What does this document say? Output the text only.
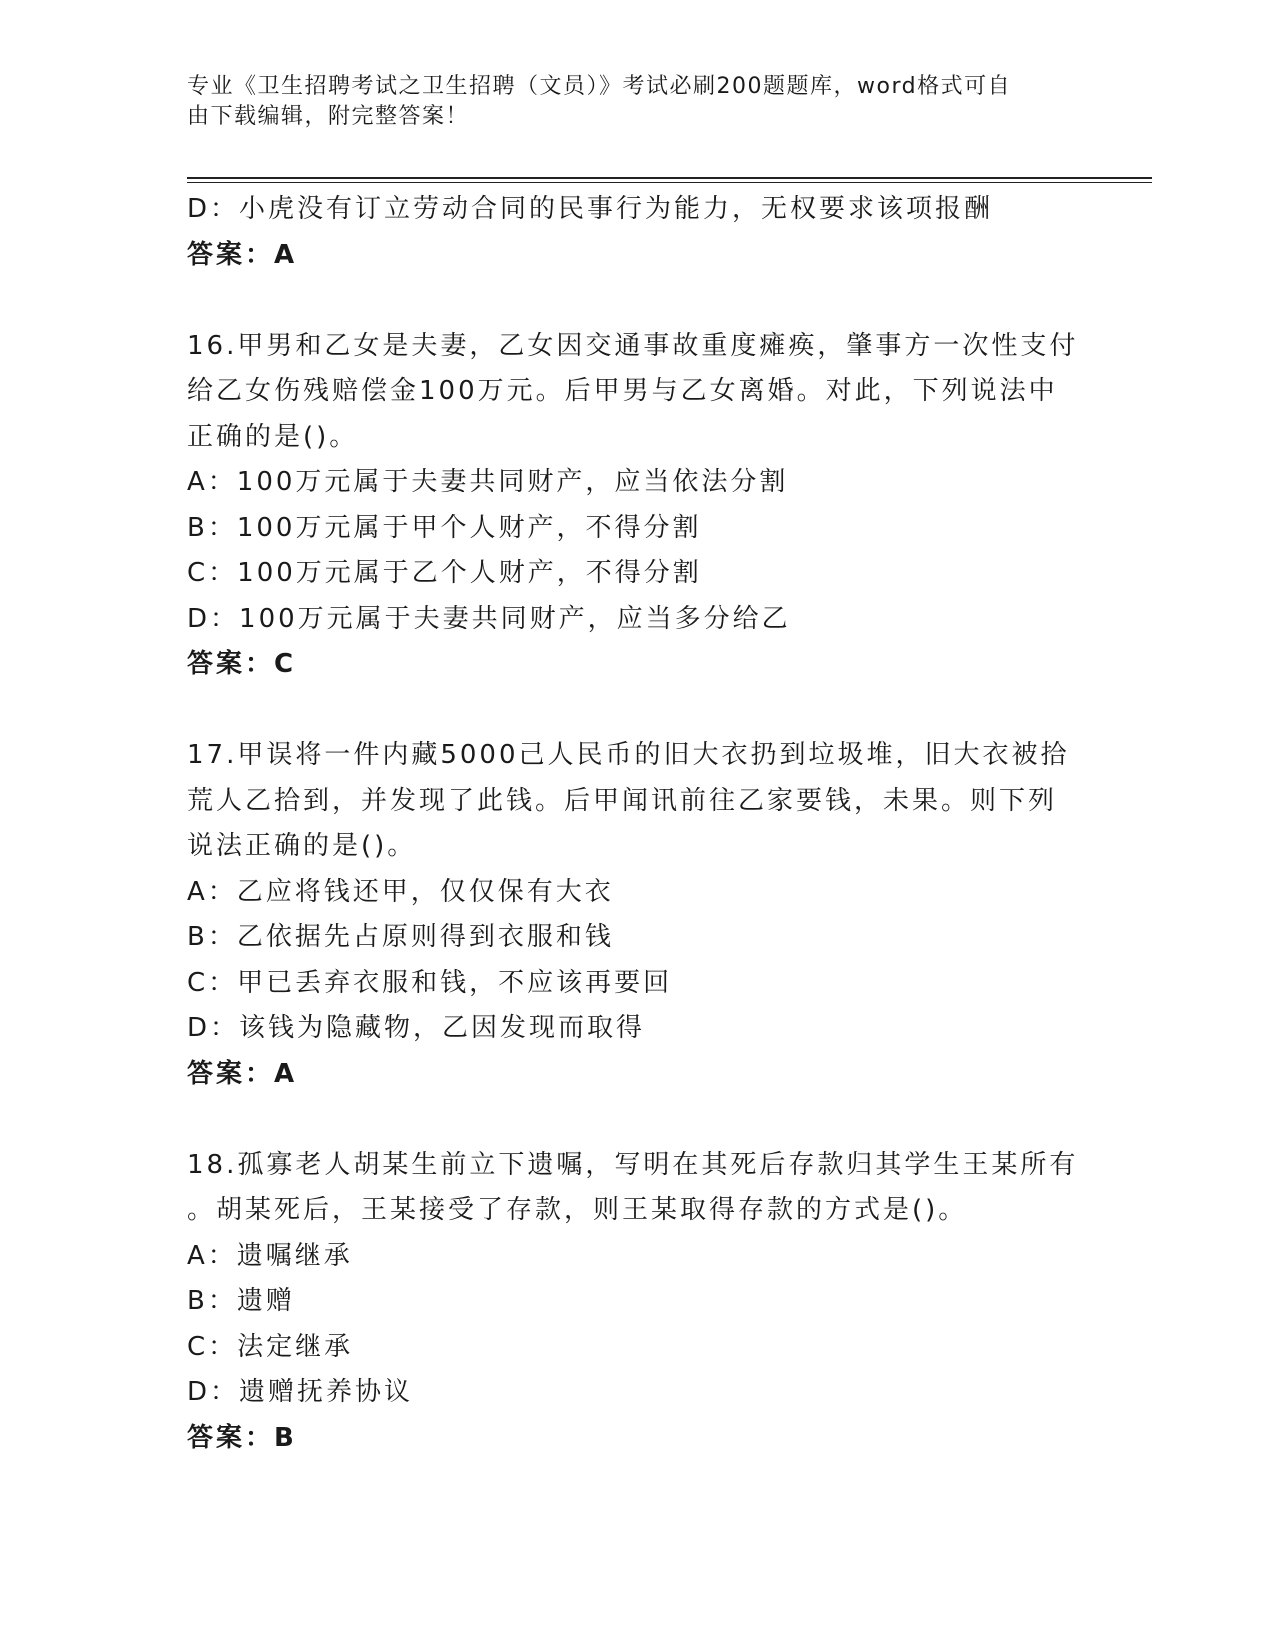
专业《卫生招聘考试之卫生招聘（文员）》考试必刷200题题库，word格式可自
由下载编辑，附完整答案！
D：小虎没有订立劳动合同的民事行为能力，无权要求该项报酬
答案：A
16.甲男和乙女是夫妻，乙女因交通事故重度瘫痪，肇事方一次性支付
给乙女伤残赔偿金100万元。后甲男与乙女离婚。对此，下列说法中
正确的是()。
A：100万元属于夫妻共同财产，应当依法分割
B：100万元属于甲个人财产，不得分割
C：100万元属于乙个人财产，不得分割
D：100万元属于夫妻共同财产，应当多分给乙
答案：C
17.甲误将一件内藏5000己人民币的旧大衣扔到垃圾堆，旧大衣被拾
荒人乙拾到，并发现了此钱。后甲闻讯前往乙家要钱，未果。则下列
说法正确的是()。
A：乙应将钱还甲，仅仅保有大衣
B：乙依据先占原则得到衣服和钱
C：甲已丢弃衣服和钱，不应该再要回
D：该钱为隐藏物，乙因发现而取得
答案：A
18.孤寡老人胡某生前立下遗嘱，写明在其死后存款归其学生王某所有
。胡某死后，王某接受了存款，则王某取得存款的方式是()。
A：遗嘱继承
B：遗赠
C：法定继承
D：遗赠抚养协议
答案：B
